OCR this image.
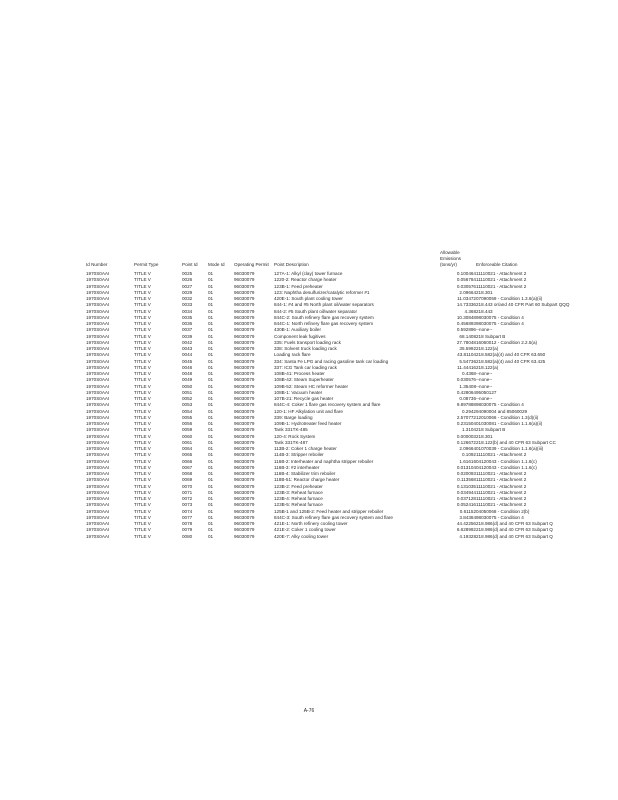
Id Number	Permit Type	Point Id	Mode Id	Operating Permit	Point Description	Allowable Emissions (tons/yr)	Enforceable Citation
1970S0AAI	TITLE V	0025	01	96030079	127A-1: Alkyl (clay) tower furnace	0.100464	11110021 - Attachment 2
1970S0AAI	TITLE V	0026	01	96030079	1220-2: Reactor charge heater	0.056784	11110021 - Attachment 2
1970S0AAI	TITLE V	0027	01	96030079	123B-1: Feed preheater	0.030576	11110021 - Attachment 2
1970S0AAI	TITLE V	0029	01	96030079	123: Naphtha desulfurizer/catalytic reformer #1	2.09664	218.301
1970S0AAI	TITLE V	0032	01	96030079	420E-1: South plant cooling tower	11.03472	07090059 - Condition 1.3.6(a)(ii)
1970S0AAI	TITLE V	0033	01	96030079	844-1: #4 and #5 North plant oil/water separators	14.73336	218.443 or/and 40 CFR Part 60 Subpart QQQ
1970S0AAI	TITLE V	0034	01	96030079	844-2: #5 South plant oil/water separator	4.368	218.443
1970S0AAI	TITLE V	0035	01	96030079	844C-2: South refinery flare gas recovery system	10.30848	98030075 - Condition 4
1970S0AAI	TITLE V	0036	01	96030079	844C-1: North refinery flare gas recovery system	0.456893	98030075 - Condition 4
1970S0AAI	TITLE V	0037	01	96030079	430B-1: Auxiliary boiler	0.592896	--none--
1970S0AAI	TITLE V	0039	01	96030079	Component leak fugitives	68.1408	218 Subpart B
1970S0AAI	TITLE V	0042	01	96030079	335: Fuels transport loading rack	27.78048	16060012 - Condition 2.2.5(a)
1970S0AAI	TITLE V	0043	01	96030079	338: Solvent truck loading rack	35.5992	218.122(a)
1970S0AAI	TITLE V	0044	01	96030079	Loading rack flare	43.81104	218.582(a)(4) and 40 CFR 63.650
1970S0AAI	TITLE V	0045	01	96030079	334: Santa Fe LPG and racing gasoline tank car loading	5.54736	218.582(a)(4) and 40 CFR 63.425
1970S0AAI	TITLE V	0046	01	96030079	337: ICG Tank car loading rack	11.44416	218.122(a)
1970S0AAI	TITLE V	0048	01	96030079	108B-41: Process heater	0.4368	--none--
1970S0AAI	TITLE V	0049	01	96030079	108B-42: Steam Superheater	0.030576	--none--
1970S0AAI	TITLE V	0050	01	96030079	109B-52: Steam HC reformer heater	1.35408	--none--
1970S0AAI	TITLE V	0051	01	96030079	108B-1: Vacuum heater	0.428064	95050127
1970S0AAI	TITLE V	0052	01	96030079	107B-21: Recycle gas heater	0.08736	--none--
1970S0AAI	TITLE V	0053	01	96030079	844C-4: Coker 1 flare gas recovery system and flare	9.897888	98030075 - Condition 4
1970S0AAI	TITLE V	0054	01	96030079	120-1: HF Alkylation unit and flare	0.2942	94090004 and 85060029
1970S0AAI	TITLE V	0055	01	96030079	339: Barge loading	2.570772	12010066 - Condition 1.3(d)(ii)
1970S0AAI	TITLE V	0056	01	96030079	109B-1: Hydrotreater feed heater	0.231504	01030081 - Condition 1.1.6(a)(ii)
1970S0AAI	TITLE V	0059	01	96030079	Tank 331TK-485	1.3104	218 Subpart B
1970S0AAI	TITLE V	0060	01	96030079	120-4: Rock System	0.000003	218.301
1970S0AAI	TITLE V	0061	01	96030079	Tank 331TK-487	0.126672	218.122(b) and 40 CFR 63 Subpart CC
1970S0AAI	TITLE V	0064	01	96030079	113B-2: Coker 1 charge heater	2.09664	01070039 - Condition 1.1.6(a)(iii)
1970S0AAI	TITLE V	0065	01	96030079	114B-3: Stripper reboiler	0.1092	11110021 - Attachment 2
1970S0AAI	TITLE V	0066	01	96030079	116B-2: Interheater and naphtha stripper reboiler	1.61616	04120043 - Condition 1.1.6(c)
1970S0AAI	TITLE V	0067	01	96030079	116B-3: #2 interheater	0.013104	04120043 - Condition 1.1.6(c)
1970S0AAI	TITLE V	0068	01	96030079	116B-4: Stabilizer trim reboiler	0.020093	11110021 - Attachment 2
1970S0AAI	TITLE V	0069	01	96030079	118B-51: Reactor charge heater	0.113568	11110021 - Attachment 2
1970S0AAI	TITLE V	0070	01	96030079	123B-2: Feed preheater	0.131035	11110021 - Attachment 2
1970S0AAI	TITLE V	0071	01	96030079	123B-3: Reheat furnace	0.034944	11110021 - Attachment 2
1970S0AAI	TITLE V	0072	01	96030079	123B-4: Reheat furnace	0.037128	11110021 - Attachment 2
1970S0AAI	TITLE V	0073	01	96030079	123B-5: Reheat furnace	0.052416	11110021 - Attachment 2
1970S0AAI	TITLE V	0074	01	96030079	125B-1 and 125B-2: Feed heater and stripper reboiler	0.61152	04050068 - Condition 2(b)
1970S0AAI	TITLE V	0077	01	96030079	844C-3: South refinery flare gas recovery system and flare	3.84384	98030075 - Condition 4
1970S0AAI	TITLE V	0078	01	96030079	421E-1: North refinery cooling tower	44.42256	218.986(d) and 40 CFR 63 Subpart Q
1970S0AAI	TITLE V	0079	01	96030079	421E-2: Coker 1 cooling tower	6.628992	218.986(d) and 40 CFR 63 Subpart Q
1970S0AAI	TITLE V	0080	01	96030079	420E-7: Alky cooling tower	4.19328	218.986(d) and 40 CFR 63 Subpart Q
A-76
